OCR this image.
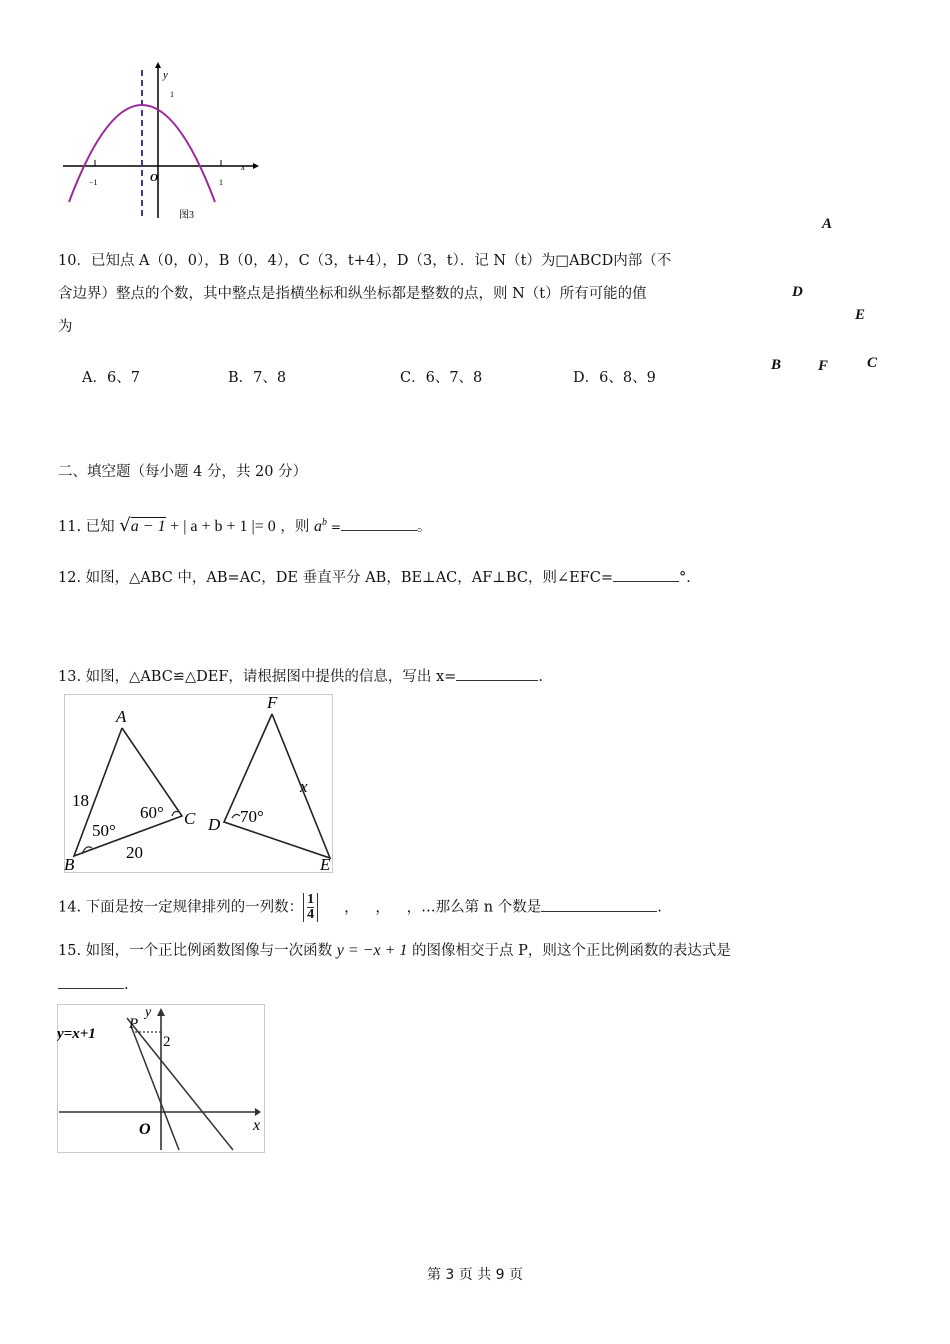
y
1
x
O
−1	1
图3
A
D
E
B F	C
10．已知点 A（0，0），B（0，4），C（3，t+4），D（3，t）．记 N（t）为□ABCD内部（不
含边界）整点的个数，其中整点是指横坐标和纵坐标都是整数的点，则 N（t）所有可能的值
为
A．6、7	B．7、8	C．6、7、8	D．6、8、9
二、填空题（每小题 4 分，共 20 分）
11. 已知 √a − 1 + | a + b + 1 |= 0 ，则 $a^b$ =	。
12. 如图，△ABC 中，AB=AC，DE 垂直平分 AB，BE⊥AC，AF⊥BC，则∠EFC=	°．
13. 如图，△ABC≌△DEF，请根据图中提供的信息，写出 x=	.
A
B
C
18
20
50°
60°
F
D
E
x
70°
14. 下面是按一定规律排列的一列数： $\frac{1}{4}$ ， ， ，…那么第 n 个数是	.
15. 如图，一个正比例函数图像与一次函数 y = −x + 1 的图像相交于点 P，则这个正比例函数的表达式是
.
y=x+1
P
y
2
O	x
第 3 页 共 9 页
